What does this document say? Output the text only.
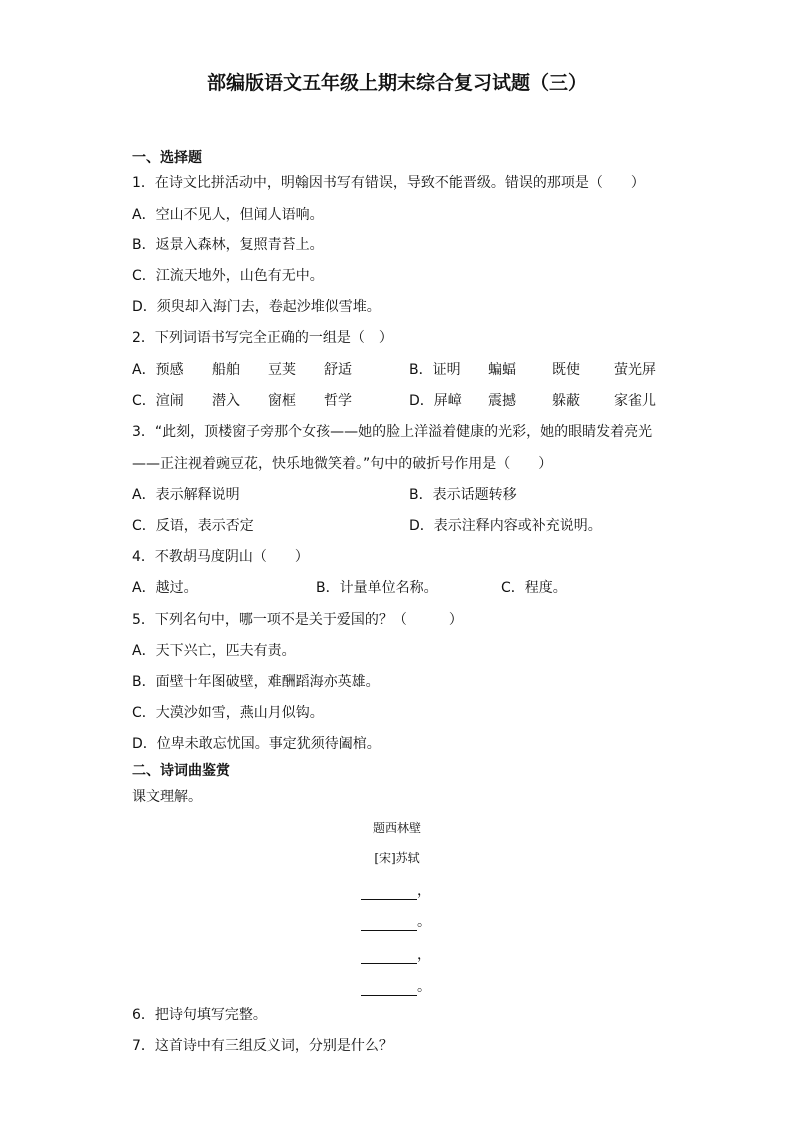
部编版语文五年级上期末综合复习试题（三）
一、选择题
1．在诗文比拼活动中，明翰因书写有错误，导致不能晋级。错误的那项是（　　）
A．空山不见人，但闻人语响。
B．返景入森林，复照青苔上。
C．江流天地外，山色有无中。
D．须臾却入海门去，卷起沙堆似雪堆。
2．下列词语书写完全正确的一组是（　）
A．预感 船舶 豆荚 舒适	B．证明 蝙蝠	既使 萤光屏
C．渲闹 潜入 窗框 哲学	D．屏嶂 震撼	躲蔽 家雀儿
3．“此刻，顶楼窗子旁那个女孩——她的脸上洋溢着健康的光彩，她的眼睛发着亮光
——正注视着豌豆花，快乐地微笑着。”句中的破折号作用是（　　）
A．表示解释说明	B．表示话题转移
C．反语，表示否定	D．表示注释内容或补充说明。
4．不教胡马度阴山（　　）
A．越过。	B．计量单位名称。	C．程度。
5．下列名句中，哪一项不是关于爱国的？（　　　）
A．天下兴亡，匹夫有责。
B．面壁十年图破壁，难酬蹈海亦英雄。
C．大漠沙如雪，燕山月似钩。
D．位卑未敢忘忧国。事定犹须待阖棺。
二、诗词曲鉴赏
课文理解。
题西林壁
[宋]苏轼
，
。
，
。
6．把诗句填写完整。
7．这首诗中有三组反义词，分别是什么？
